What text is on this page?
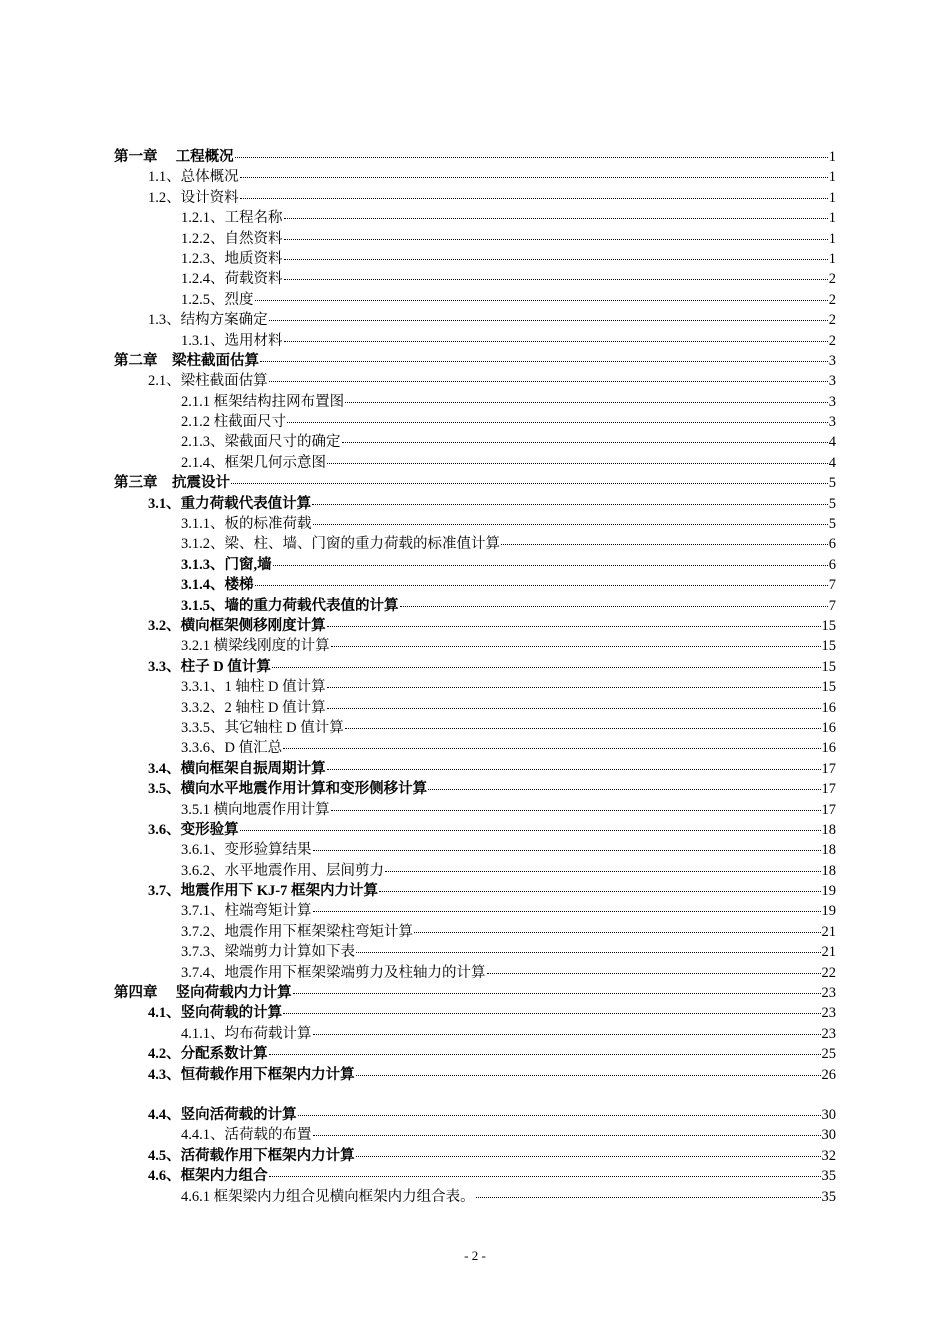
第一章　 工程概况	1
1.1、总体概况	1
1.2、设计资料	1
1.2.1、工程名称	1
1.2.2、自然资料	1
1.2.3、地质资料	1
1.2.4、荷载资料	2
1.2.5、烈度	2
1.3、结构方案确定	2
1.3.1、选用材料	2
第二章　梁柱截面估算	3
2.1、梁柱截面估算	3
2.1.1 框架结构拄网布置图	3
2.1.2 柱截面尺寸	3
2.1.3、梁截面尺寸的确定	4
2.1.4、框架几何示意图	4
第三章　抗震设计	5
3.1、重力荷载代表值计算	5
3.1.1、板的标准荷载	5
3.1.2、梁、柱、墙、门窗的重力荷载的标准值计算	6
3.1.3、门窗,墙	6
3.1.4、楼梯	7
3.1.5、墙的重力荷载代表值的计算	7
3.2、横向框架侧移刚度计算	15
3.2.1 横梁线刚度的计算	15
3.3、柱子 D 值计算	15
3.3.1、1 轴柱 D 值计算	15
3.3.2、2 轴柱 D 值计算	16
3.3.5、其它轴柱 D 值计算	16
3.3.6、D 值汇总	16
3.4、横向框架自振周期计算	17
3.5、横向水平地震作用计算和变形侧移计算	17
3.5.1 横向地震作用计算	17
3.6、变形验算	18
3.6.1、变形验算结果	18
3.6.2、水平地震作用、层间剪力	18
3.7、地震作用下 KJ-7 框架内力计算	19
3.7.1、柱端弯矩计算	19
3.7.2、地震作用下框架梁柱弯矩计算	21
3.7.3、梁端剪力计算如下表	21
3.7.4、地震作用下框架梁端剪力及柱轴力的计算	22
第四章　 竖向荷载内力计算	23
4.1、竖向荷载的计算	23
4.1.1、均布荷载计算	23
4.2、分配系数计算	25
4.3、恒荷载作用下框架内力计算	26
4.4、竖向活荷载的计算	30
4.4.1、活荷载的布置	30
4.5、活荷载作用下框架内力计算	32
4.6、框架内力组合	35
4.6.1 框架梁内力组合见横向框架内力组合表。	35
- 2 -
